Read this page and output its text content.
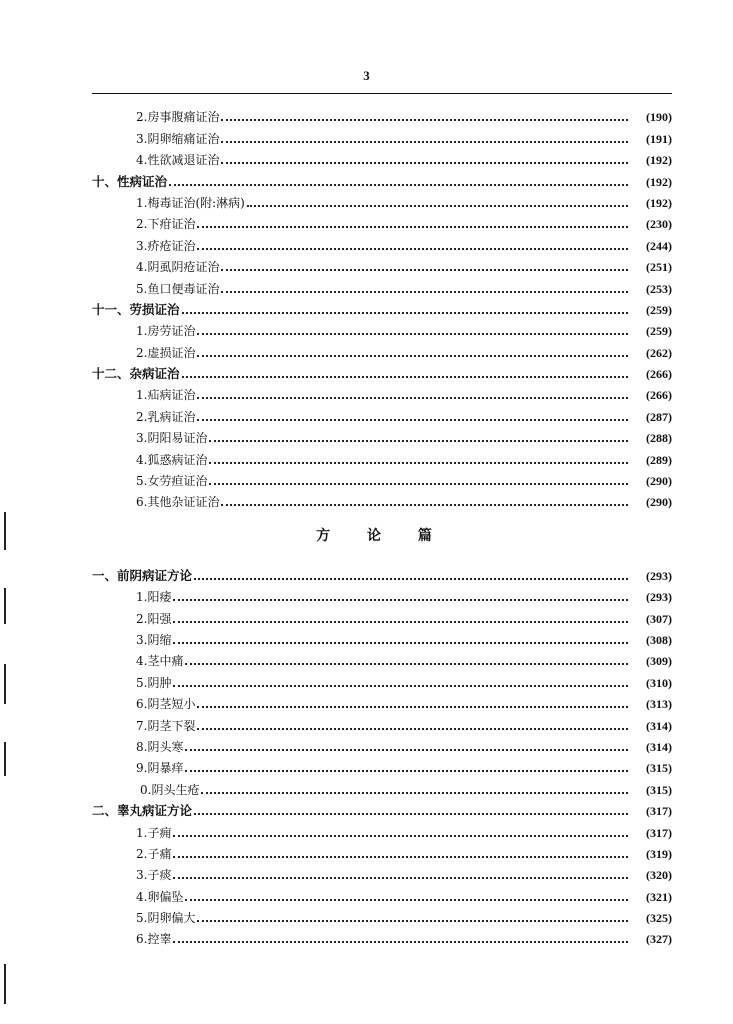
3
2.房事腹痛证治	(190)
3.阴卵缩痛证治	(191)
4.性欲减退证治	(192)
十、性病证治	(192)
1.梅毒证治(附:淋病)	(192)
2.下疳证治	(230)
3.疥疮证治	(244)
4.阴虱阴疮证治	(251)
5.鱼口便毒证治	(253)
十一、劳损证治	(259)
1.房劳证治	(259)
2.虚损证治	(262)
十二、杂病证治	(266)
1.疝病证治	(266)
2.乳病证治	(287)
3.阴阳易证治	(288)
4.狐惑病证治	(289)
5.女劳疸证治	(290)
6.其他杂证证治	(290)
方 论 篇
一、前阴病证方论	(293)
1.阳痿	(293)
2.阳强	(307)
3.阴缩	(308)
4.茎中痛	(309)
5.阴肿	(310)
6.阴茎短小	(313)
7.阴茎下裂	(314)
8.阴头寒	(314)
9.阴暴痒	(315)
0.阴头生疮	(315)
二、睾丸病证方论	(317)
1.子痈	(317)
2.子痛	(319)
3.子痰	(320)
4.卵偏坠	(321)
5.阴卵偏大	(325)
6.控睾	(327)
